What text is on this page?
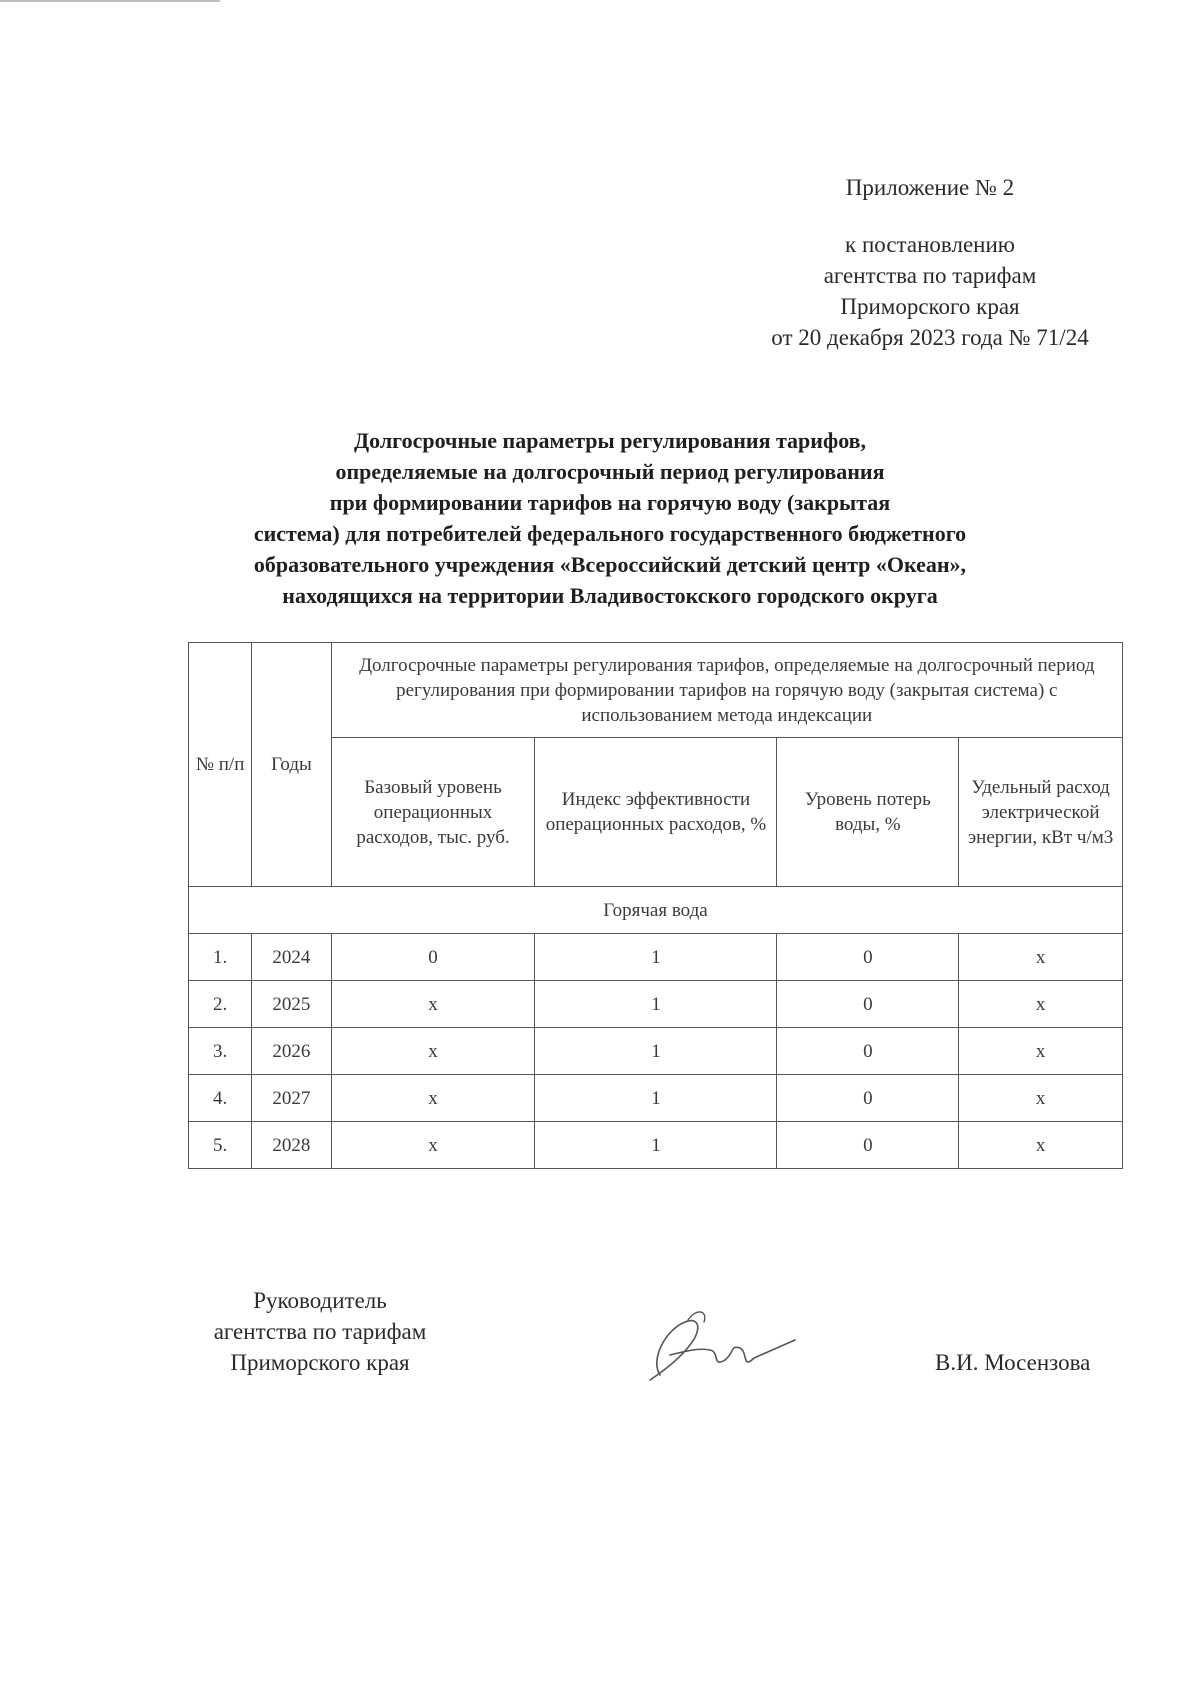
Приложение № 2
к постановлению
агентства по тарифам
Приморского края
от 20 декабря 2023 года № 71/24
Долгосрочные параметры регулирования тарифов,
определяемые на долгосрочный период регулирования
при формировании тарифов на горячую воду (закрытая
система) для потребителей федерального государственного бюджетного
образовательного учреждения «Всероссийский детский центр «Океан»,
находящихся на территории Владивостокского городского округа
№ п/п	Годы	Долгосрочные параметры регулирования тарифов, определяемые на долгосрочный период регулирования при формировании тарифов на горячую воду (закрытая система) с использованием метода индексации			
		Базовый уровень операционных расходов, тыс. руб.	Индекс эффективности операционных расходов, %	Уровень потерь воды, %	Удельный расход электрической энергии, кВт ч/м3
Горячая вода					
1.	2024	0	1	0	x
2.	2025	x	1	0	x
3.	2026	x	1	0	x
4.	2027	x	1	0	x
5.	2028	x	1	0	x
Руководитель
агентства по тарифам
Приморского края	В.И. Мосензова
